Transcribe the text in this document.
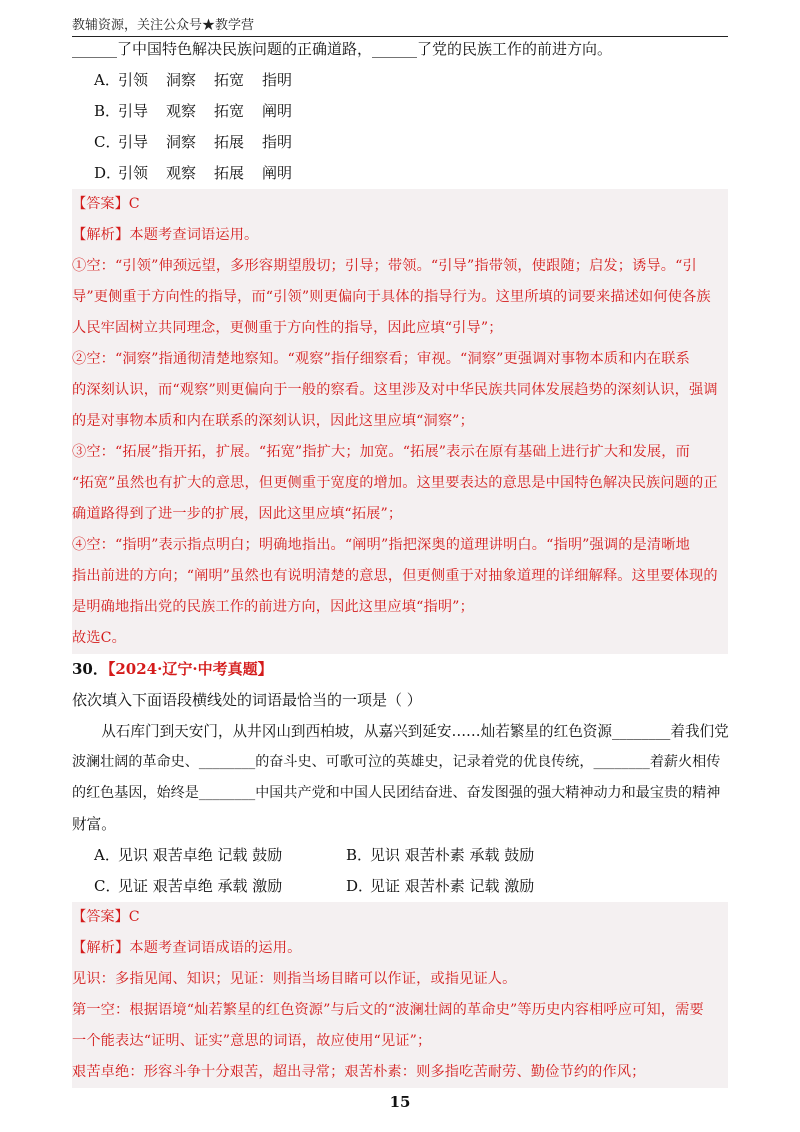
教辅资源，关注公众号★教学营
______了中国特色解决民族问题的正确道路，______了党的民族工作的前进方向。
A．引领 洞察 拓宽 指明
B．引导 观察 拓宽 阐明
C．引导 洞察 拓展 指明
D．引领 观察 拓展 阐明
【答案】C
【解析】本题考查词语运用。
①空：“引领”伸颈远望，多形容期望殷切；引导；带领。“引导”指带领，使跟随；启发；诱导。“引
导”更侧重于方向性的指导，而“引领”则更偏向于具体的指导行为。这里所填的词要来描述如何使各族
人民牢固树立共同理念，更侧重于方向性的指导，因此应填“引导”；
②空：“洞察”指通彻清楚地察知。“观察”指仔细察看；审视。“洞察”更强调对事物本质和内在联系
的深刻认识，而“观察”则更偏向于一般的察看。这里涉及对中华民族共同体发展趋势的深刻认识，强调
的是对事物本质和内在联系的深刻认识，因此这里应填“洞察”；
③空：“拓展”指开拓，扩展。“拓宽”指扩大；加宽。“拓展”表示在原有基础上进行扩大和发展，而
“拓宽”虽然也有扩大的意思，但更侧重于宽度的增加。这里要表达的意思是中国特色解决民族问题的正
确道路得到了进一步的扩展，因此这里应填“拓展”；
④空：“指明”表示指点明白；明确地指出。“阐明”指把深奥的道理讲明白。“指明”强调的是清晰地
指出前进的方向；“阐明”虽然也有说明清楚的意思，但更侧重于对抽象道理的详细解释。这里要体现的
是明确地指出党的民族工作的前进方向，因此这里应填“指明”；
故选C。
30．【2024·辽宁·中考真题】
依次填入下面语段横线处的词语最恰当的一项是（ ）
从石库门到天安门，从井冈山到西柏坡，从嘉兴到延安……灿若繁星的红色资源________着我们党
波澜壮阔的革命史、________的奋斗史、可歌可泣的英雄史，记录着党的优良传统，________着薪火相传
的红色基因，始终是________中国共产党和中国人民团结奋进、奋发图强的强大精神动力和最宝贵的精神
财富。
A．见识 艰苦卓绝 记载 鼓励	B．见识 艰苦朴素 承载 鼓励
C．见证 艰苦卓绝 承载 激励	D．见证 艰苦朴素 记载 激励
【答案】C
【解析】本题考查词语成语的运用。
见识：多指见闻、知识；见证：则指当场目睹可以作证，或指见证人。
第一空：根据语境“灿若繁星的红色资源”与后文的“波澜壮阔的革命史”等历史内容相呼应可知，需要
一个能表达“证明、证实”意思的词语，故应使用“见证”；
艰苦卓绝：形容斗争十分艰苦，超出寻常；艰苦朴素：则多指吃苦耐劳、勤俭节约的作风；
15
